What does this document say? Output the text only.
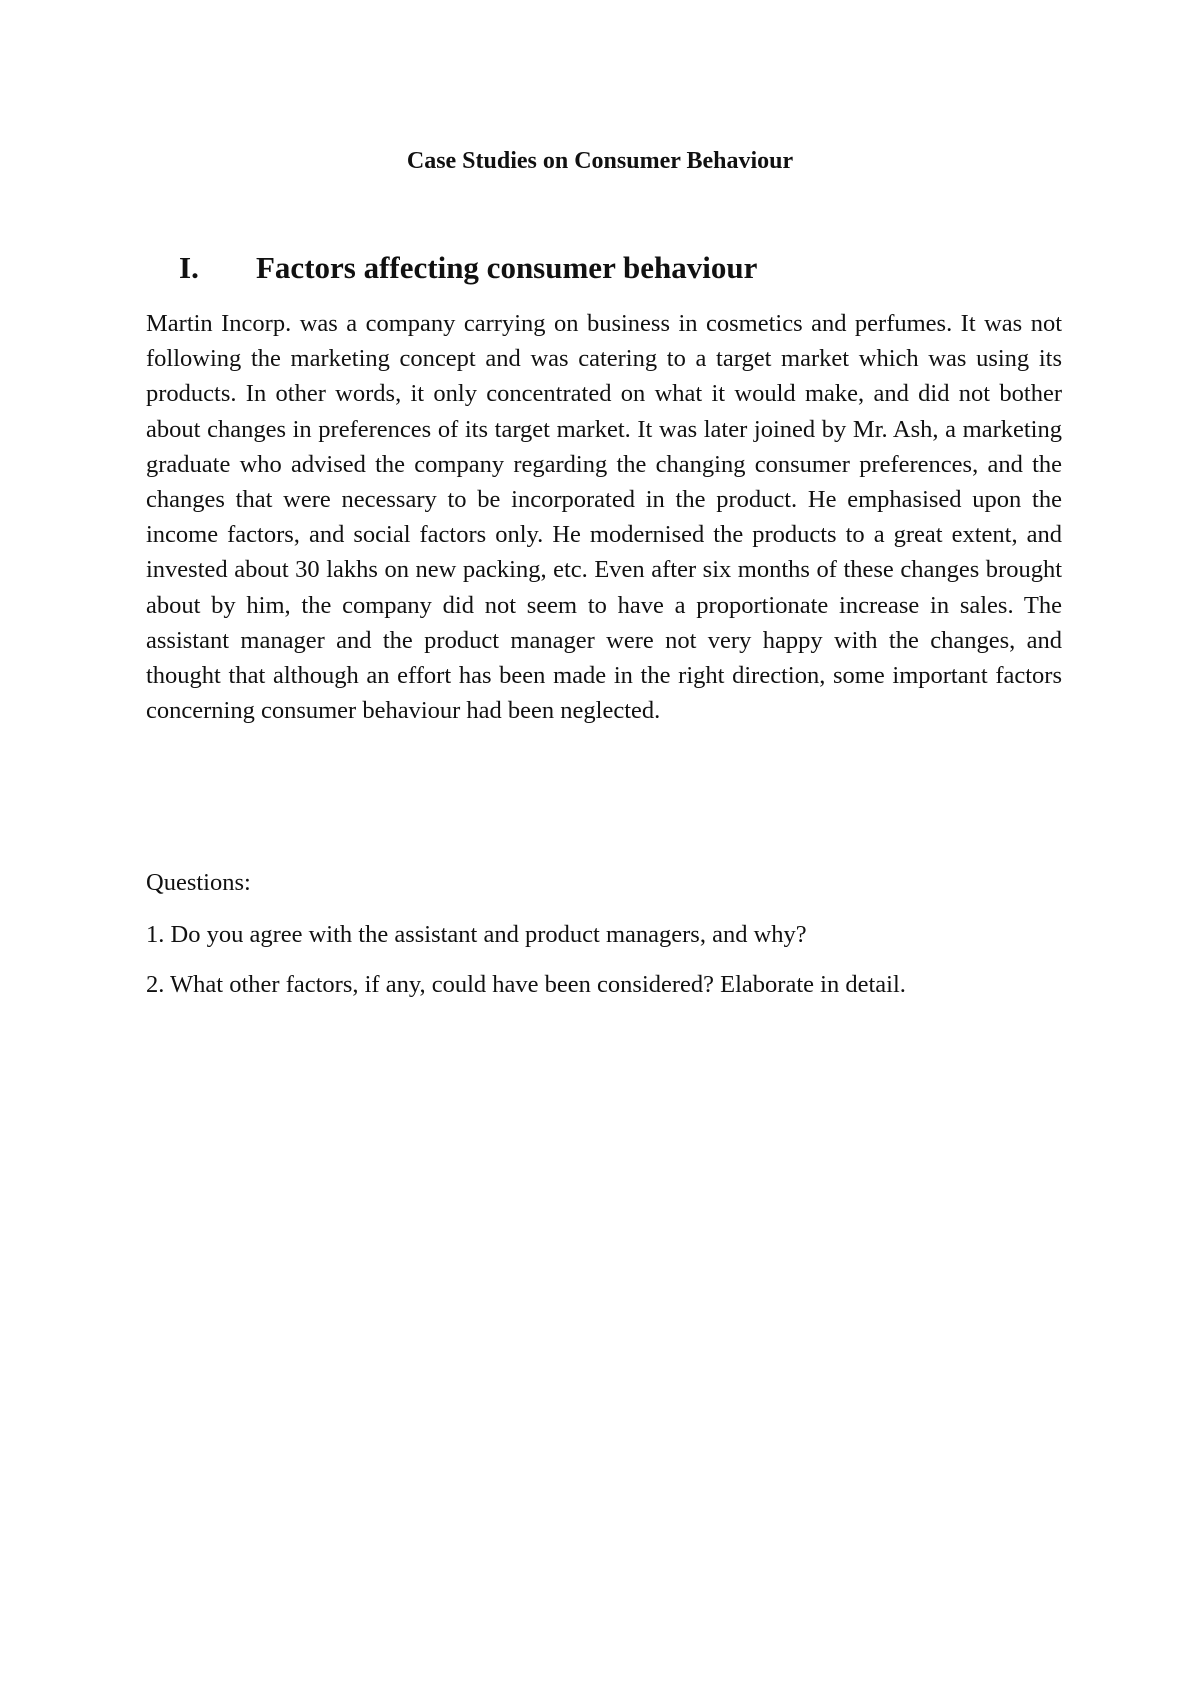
Case Studies on Consumer Behaviour
I. Factors affecting consumer behaviour

Martin Incorp. was a company carrying on business in cosmetics and perfumes. It was not following the marketing concept and was catering to a target market which was using its products. In other words, it only concentrated on what it would make, and did not bother about changes in preferences of its target market. It was later joined by Mr. Ash, a marketing graduate who advised the company regarding the changing consumer preferences, and the changes that were necessary to be incorporated in the product. He emphasised upon the income factors, and social factors only. He modernised the products to a great extent, and invested about 30 lakhs on new packing, etc. Even after six months of these changes brought about by him, the company did not seem to have a proportionate increase in sales. The assistant manager and the product manager were not very happy with the changes, and thought that although an effort has been made in the right direction, some important factors concerning consumer behaviour had been neglected.

Questions:

1. Do you agree with the assistant and product managers, and why?

2. What other factors, if any, could have been considered? Elaborate in detail.
